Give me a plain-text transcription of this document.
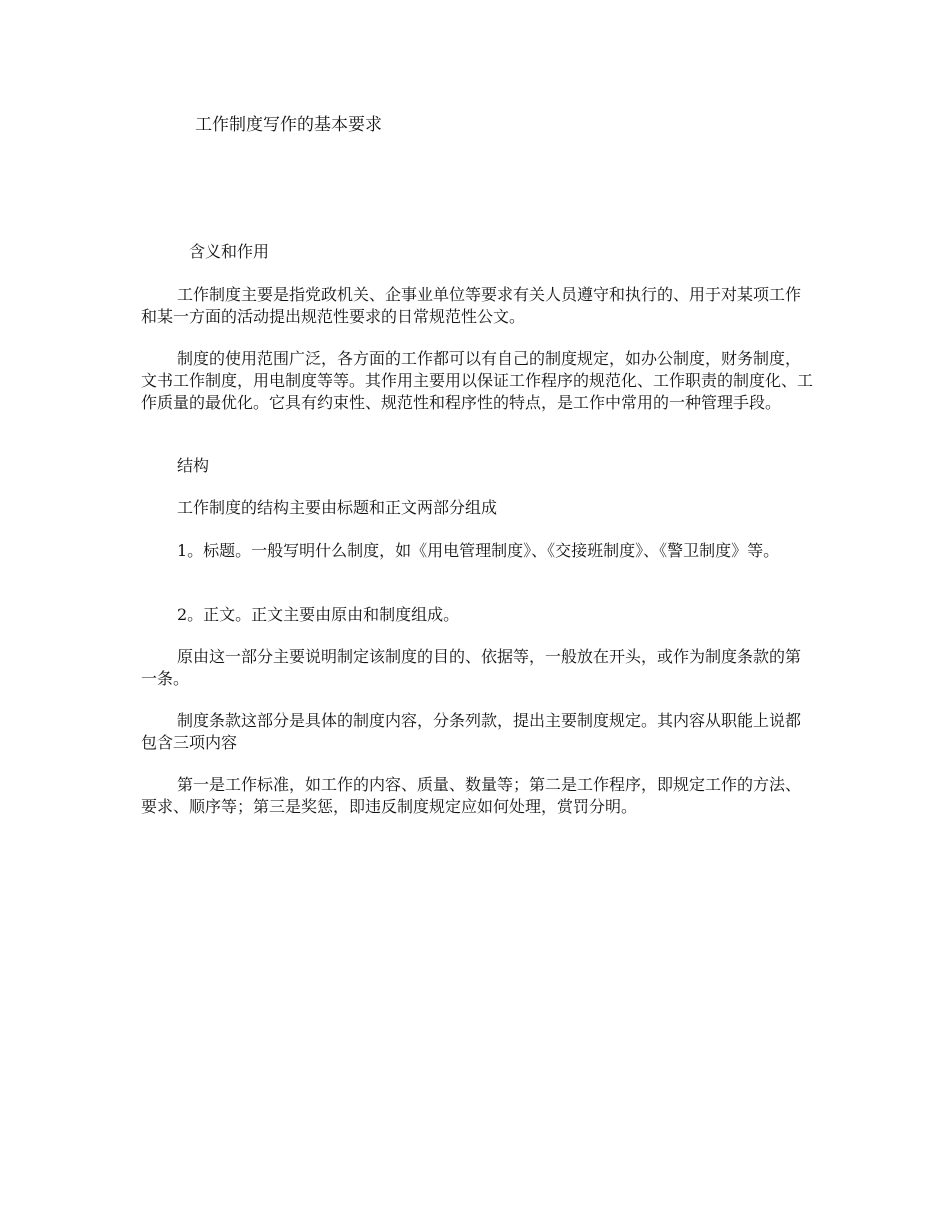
工作制度写作的基本要求
含义和作用

工作制度主要是指党政机关、企事业单位等要求有关人员遵守和执行的、用于对某项工作和某一方面的活动提出规范性要求的日常规范性公文。

制度的使用范围广泛，各方面的工作都可以有自己的制度规定，如办公制度，财务制度，文书工作制度，用电制度等等。其作用主要用以保证工作程序的规范化、工作职责的制度化、工作质量的最优化。它具有约束性、规范性和程序性的特点，是工作中常用的一种管理手段。

结构

工作制度的结构主要由标题和正文两部分组成

1。标题。一般写明什么制度，如《用电管理制度》、《交接班制度》、《警卫制度》等。

2。正文。正文主要由原由和制度组成。

原由这一部分主要说明制定该制度的目的、依据等，一般放在开头，或作为制度条款的第一条。

制度条款这部分是具体的制度内容，分条列款，提出主要制度规定。其内容从职能上说都包含三项内容

第一是工作标准，如工作的内容、质量、数量等；第二是工作程序，即规定工作的方法、要求、顺序等；第三是奖惩，即违反制度规定应如何处理，赏罚分明。
